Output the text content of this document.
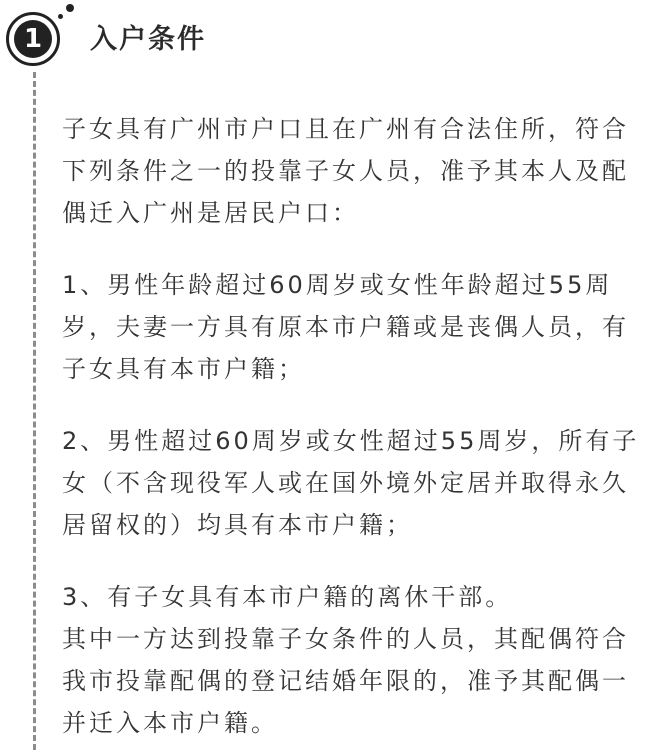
1	入户条件

子女具有广州市户口且在广州有合法住所，符合
下列条件之一的投靠子女人员，准予其本人及配
偶迁入广州是居民户口：

1、男性年龄超过60周岁或女性年龄超过55周
岁，夫妻一方具有原本市户籍或是丧偶人员，有
子女具有本市户籍；

2、男性超过60周岁或女性超过55周岁，所有子
女（不含现役军人或在国外境外定居并取得永久
居留权的）均具有本市户籍；

3、有子女具有本市户籍的离休干部。
其中一方达到投靠子女条件的人员，其配偶符合
我市投靠配偶的登记结婚年限的，准予其配偶一
并迁入本市户籍。
